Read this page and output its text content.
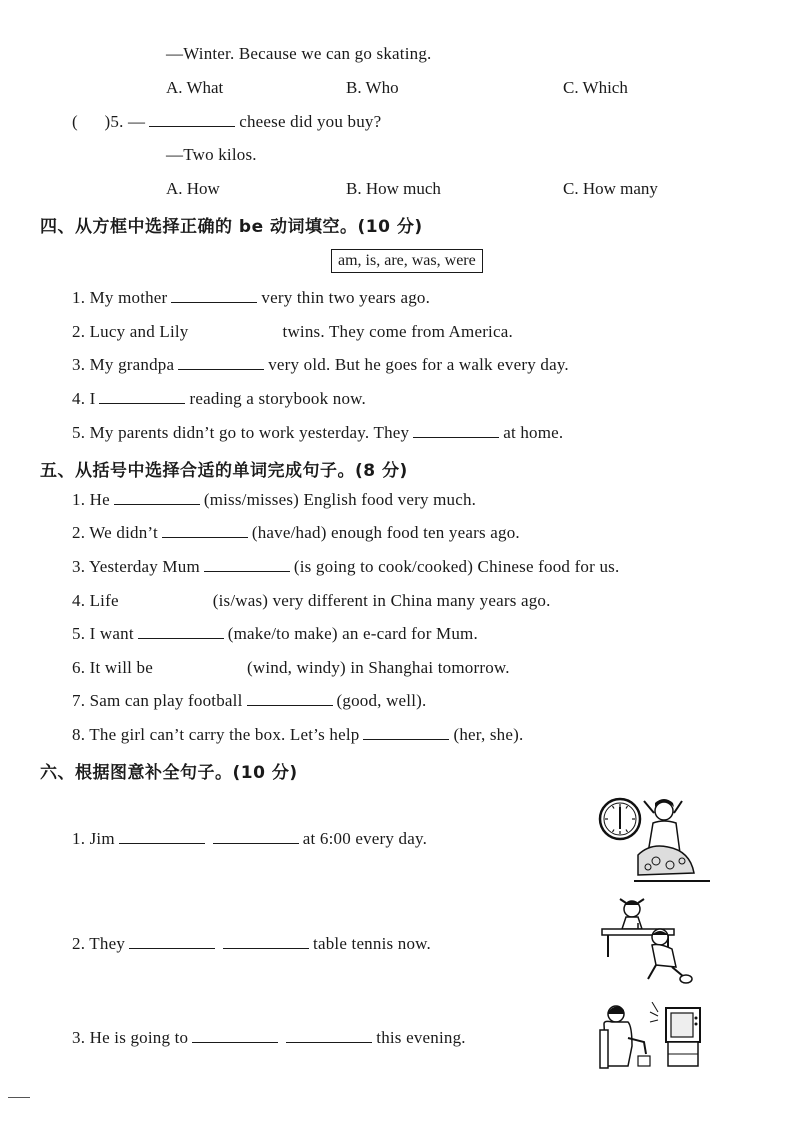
—Winter. Because we can go skating.
A. What	B. Who	C. Which
(      )5. —	cheese did you buy?
—Two kilos.
A. How	B. How much	C. How many
四、从方框中选择正确的 be 动词填空。(10 分)
am, is, are, was, were
1. My mother	very thin two years ago.
2. Lucy and Lily	twins. They come from America.
3. My grandpa	very old. But he goes for a walk every day.
4. I	reading a storybook now.
5. My parents didn’t go to work yesterday. They	at home.
五、从括号中选择合适的单词完成句子。(8 分)
1. He	(miss/misses) English food very much.
2. We didn’t	(have/had) enough food ten years ago.
3. Yesterday Mum	(is going to cook/cooked) Chinese food for us.
4. Life	(is/was) very different in China many years ago.
5. I want	(make/to make) an e-card for Mum.
6. It will be	(wind, windy) in Shanghai tomorrow.
7. Sam can play football	(good, well).
8. The girl can’t carry the box. Let’s help	(her, she).
六、根据图意补全句子。(10 分)
1. Jim	at 6:00 every day.
2. They	table tennis now.
3. He is going to	this evening.
